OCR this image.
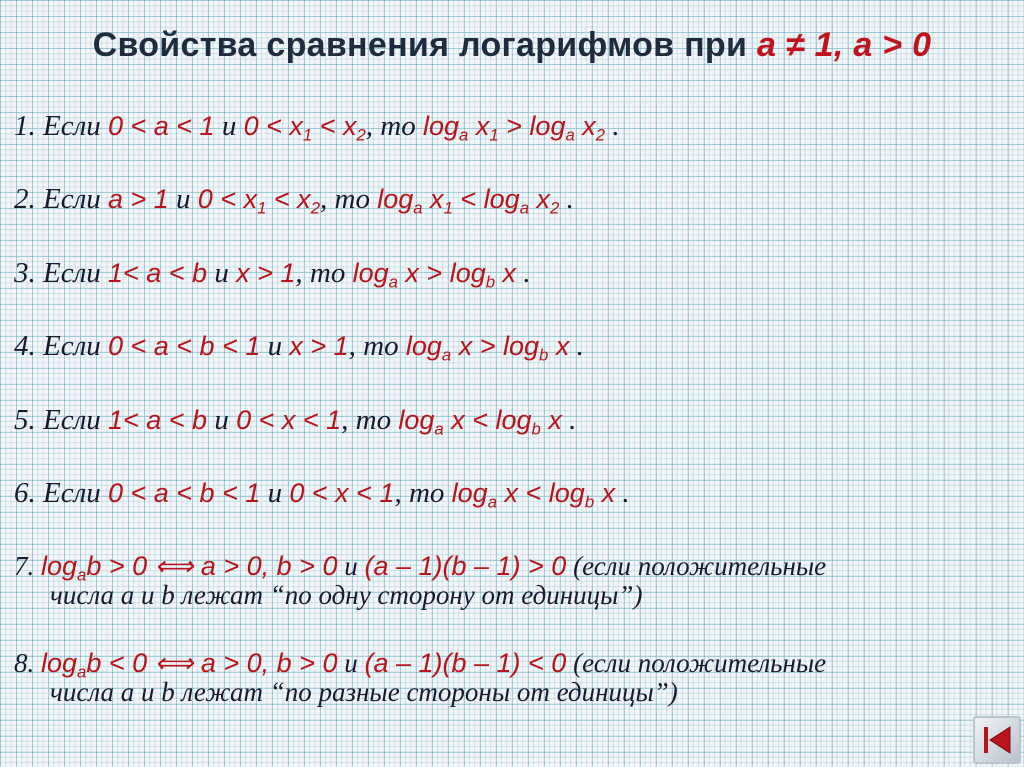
Свойства сравнения логарифмов при a ≠ 1, a > 0
1. Если 0 < a < 1 и $0 < x_1 < x_2$, то $\log_a x_1 > \log_a x_2$ .
2. Если a > 1 и $0 < x_1 < x_2$, то $\log_a x_1 < \log_a x_2$ .
3. Если 1< a < b и x > 1, то $\log_a x > \log_b x$ .
4. Если 0 < a < b < 1 и x > 1, то $\log_a x > \log_b x$ .
5. Если 1< a < b и 0 < x < 1, то $\log_a x < \log_b x$ .
6. Если 0 < a < b < 1 и 0 < x < 1, то $\log_a x < \log_b x$ .
7. $\log_ab > 0$ ⟺ a > 0, b > 0 и (a – 1)(b – 1) > 0 (если положительные
числа a и b лежат “по одну сторону от единицы”)
8. $\log_ab < 0$ ⟺ a > 0, b > 0 и (a – 1)(b – 1) < 0 (если положительные
числа a и b лежат “по разные стороны от единицы”)
